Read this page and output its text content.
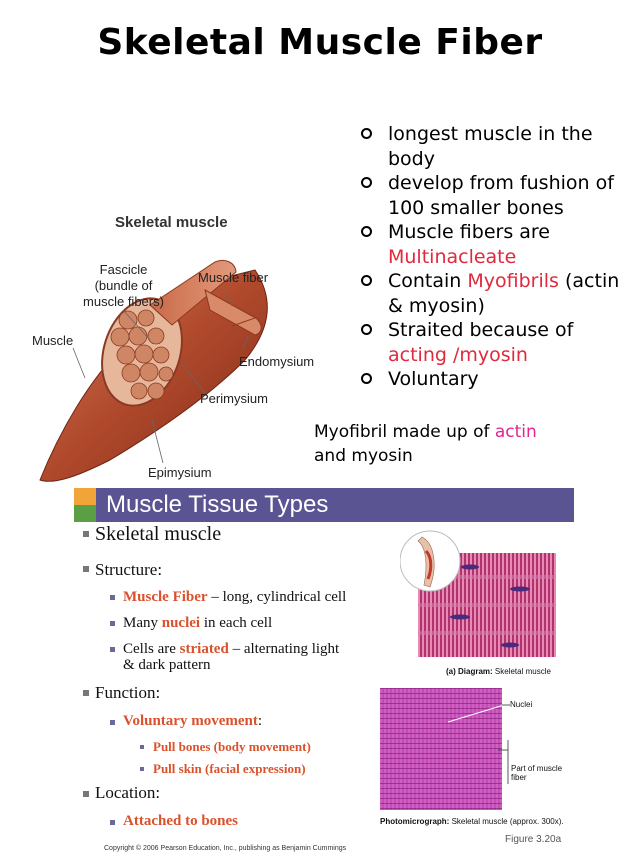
Skeletal Muscle Fiber
longest muscle in the body
develop from fushion of 100 smaller bones
Muscle fibers are
Multinacleate
Contain Myofibrils (actin & myosin)
Straited because of
acting /myosin
Voluntary
Myofibril made up of actin
and myosin
Skeletal muscle
Fascicle
(bundle of
muscle fibers)
Muscle fiber
Muscle
Endomysium
Perimysium
Epimysium
Muscle Tissue Types
Skeletal muscle
Structure:
Muscle Fiber – long, cylindrical cell
Many nuclei in each cell
Cells are striated – alternating light
& dark pattern
Function:
Voluntary movement:
Pull bones (body movement)
Pull skin (facial expression)
Location:
Attached to bones
(a) Diagram: Skeletal muscle
Nuclei
Part of muscle
fiber
Photomicrograph: Skeletal muscle (approx. 300x).
Figure 3.20a
Copyright © 2006 Pearson Education, Inc., publishing as Benjamin Cummings
